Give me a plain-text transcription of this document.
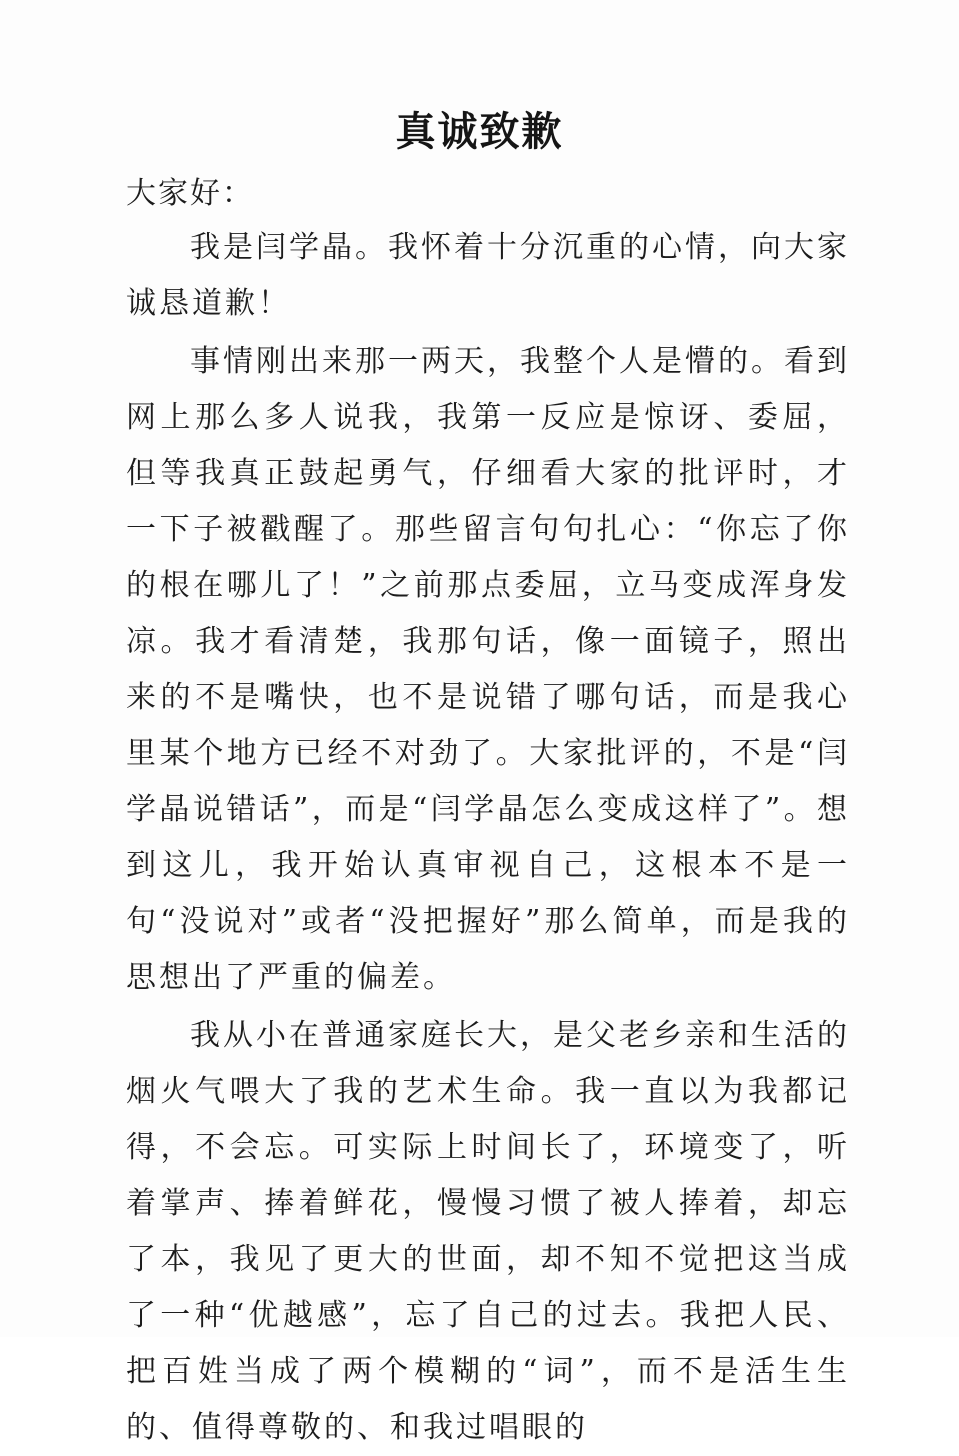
真诚致歉
大家好：

我是闫学晶。我怀着十分沉重的心情，向大家诚恳道歉！

事情刚出来那一两天，我整个人是懵的。看到网上那么多人说我，我第一反应是惊讶、委屈，但等我真正鼓起勇气，仔细看大家的批评时，才一下子被戳醒了。那些留言句句扎心：“你忘了你的根在哪儿了！”之前那点委屈，立马变成浑身发凉。我才看清楚，我那句话，像一面镜子，照出来的不是嘴快，也不是说错了哪句话，而是我心里某个地方已经不对劲了。大家批评的，不是“闫学晶说错话”，而是“闫学晶怎么变成这样了”。想到这儿，我开始认真审视自己，这根本不是一句“没说对”或者“没把握好”那么简单，而是我的思想出了严重的偏差。

我从小在普通家庭长大，是父老乡亲和生活的烟火气喂大了我的艺术生命。我一直以为我都记得，不会忘。可实际上时间长了，环境变了，听着掌声、捧着鲜花，慢慢习惯了被人捧着，却忘了本，我见了更大的世面，却不知不觉把这当成了一种“优越感”，忘了自己的过去。我把人民、把百姓当成了两个模糊的“词”，而不是活生生的、值得尊敬的、和我过唱眼的
